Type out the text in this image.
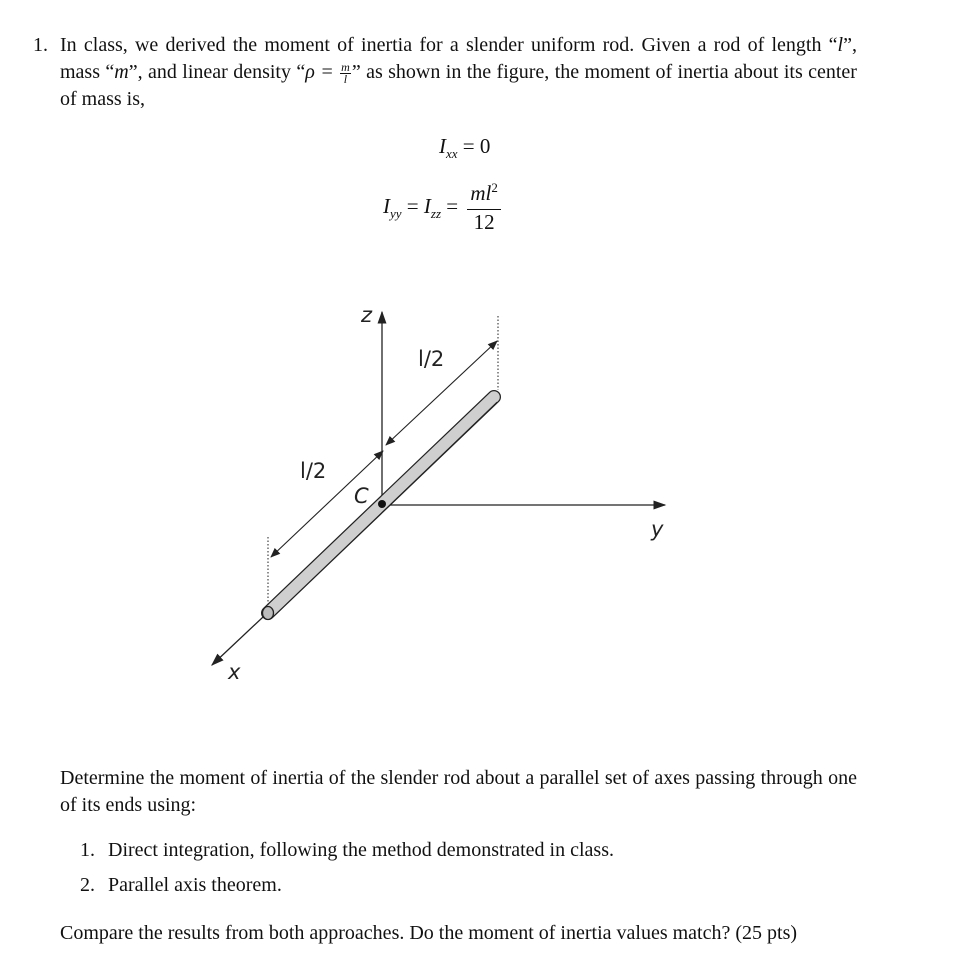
1. In class, we derived the moment of inertia for a slender uniform rod. Given a rod of length “l”, mass “m”, and linear density “$\rho = \frac{m}{l}$ ” as shown in the figure, the moment of inertia about its center of mass is,
$I_{xx} = 0$
$I_{yy} = I_{zz} = \frac{ml^2}{12}$
z
y
x
C
l/2
l/2
Determine the moment of inertia of the slender rod about a parallel set of axes passing through one of its ends using:
1. Direct integration, following the method demonstrated in class.
2. Parallel axis theorem.
Compare the results from both approaches. Do the moment of inertia values match? (25 pts)
